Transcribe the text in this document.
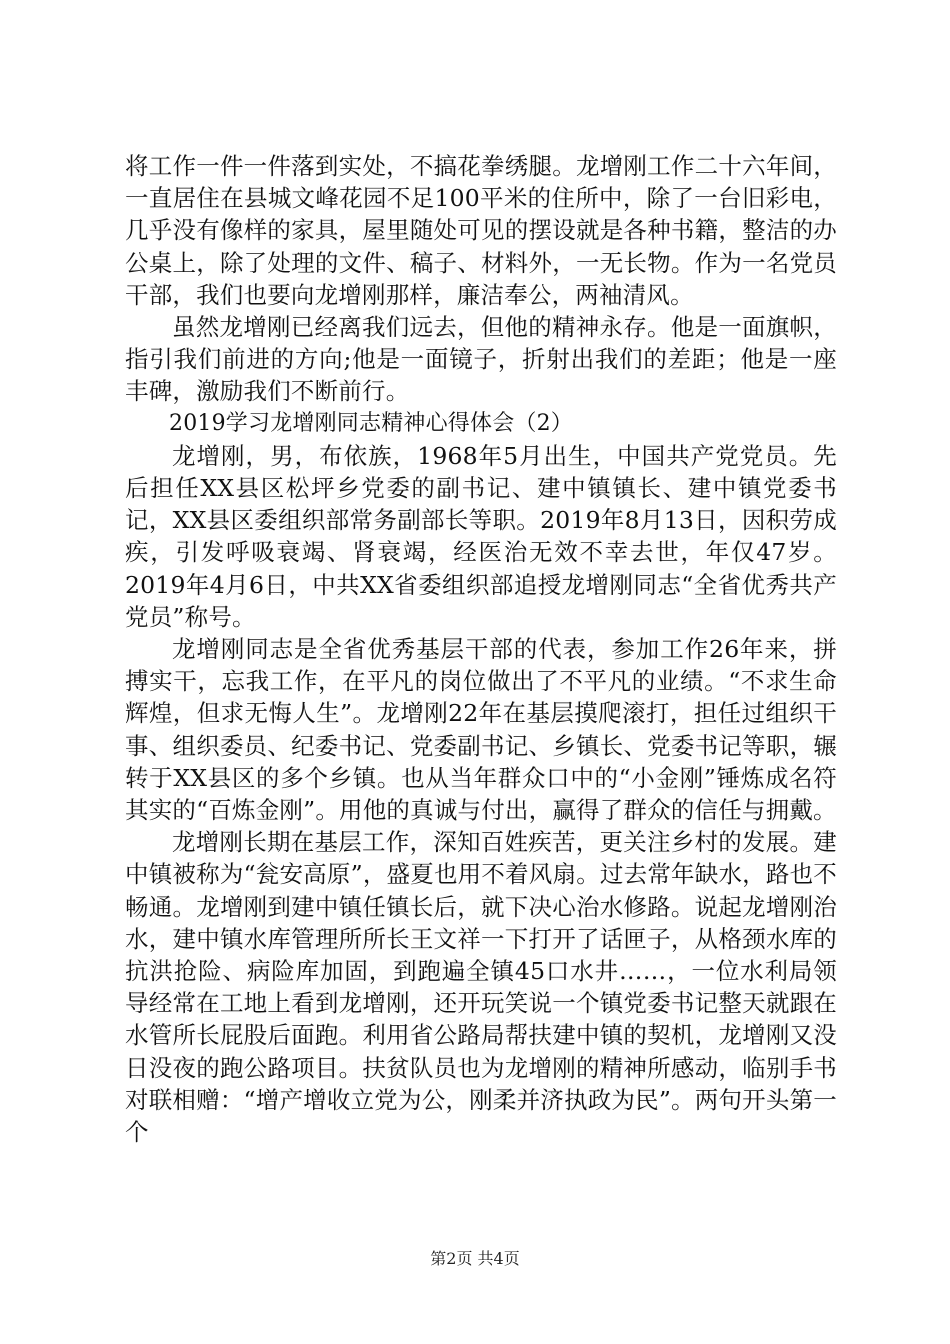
将工作一件一件落到实处，不搞花拳绣腿。龙增刚工作二十六年间，一直居住在县城文峰花园不足100平米的住所中，除了一台旧彩电，几乎没有像样的家具，屋里随处可见的摆设就是各种书籍，整洁的办公桌上，除了处理的文件、稿子、材料外，一无长物。作为一名党员干部，我们也要向龙增刚那样，廉洁奉公，两袖清风。

虽然龙增刚已经离我们远去，但他的精神永存。他是一面旗帜，指引我们前进的方向;他是一面镜子，折射出我们的差距；他是一座丰碑，激励我们不断前行。

2019学习龙增刚同志精神心得体会（2）

龙增刚，男，布依族，1968年5月出生，中国共产党党员。先后担任XX县区松坪乡党委的副书记、建中镇镇长、建中镇党委书记，XX县区委组织部常务副部长等职。2019年8月13日，因积劳成疾，引发呼吸衰竭、肾衰竭，经医治无效不幸去世，年仅47岁。2019年4月6日，中共XX省委组织部追授龙增刚同志“全省优秀共产党员”称号。

龙增刚同志是全省优秀基层干部的代表，参加工作26年来，拼搏实干，忘我工作，在平凡的岗位做出了不平凡的业绩。“不求生命辉煌，但求无悔人生”。龙增刚22年在基层摸爬滚打，担任过组织干事、组织委员、纪委书记、党委副书记、乡镇长、党委书记等职，辗转于XX县区的多个乡镇。也从当年群众口中的“小金刚”锤炼成名符其实的“百炼金刚”。用他的真诚与付出，赢得了群众的信任与拥戴。

龙增刚长期在基层工作，深知百姓疾苦，更关注乡村的发展。建中镇被称为“瓮安高原”，盛夏也用不着风扇。过去常年缺水，路也不畅通。龙增刚到建中镇任镇长后，就下决心治水修路。说起龙增刚治水，建中镇水库管理所所长王文祥一下打开了话匣子，从格颈水库的抗洪抢险、病险库加固，到跑遍全镇45口水井……，一位水利局领导经常在工地上看到龙增刚，还开玩笑说一个镇党委书记整天就跟在水管所长屁股后面跑。利用省公路局帮扶建中镇的契机，龙增刚又没日没夜的跑公路项目。扶贫队员也为龙增刚的精神所感动，临别手书对联相赠：“增产增收立党为公，刚柔并济执政为民”。两句开头第一个

第2页 共4页
